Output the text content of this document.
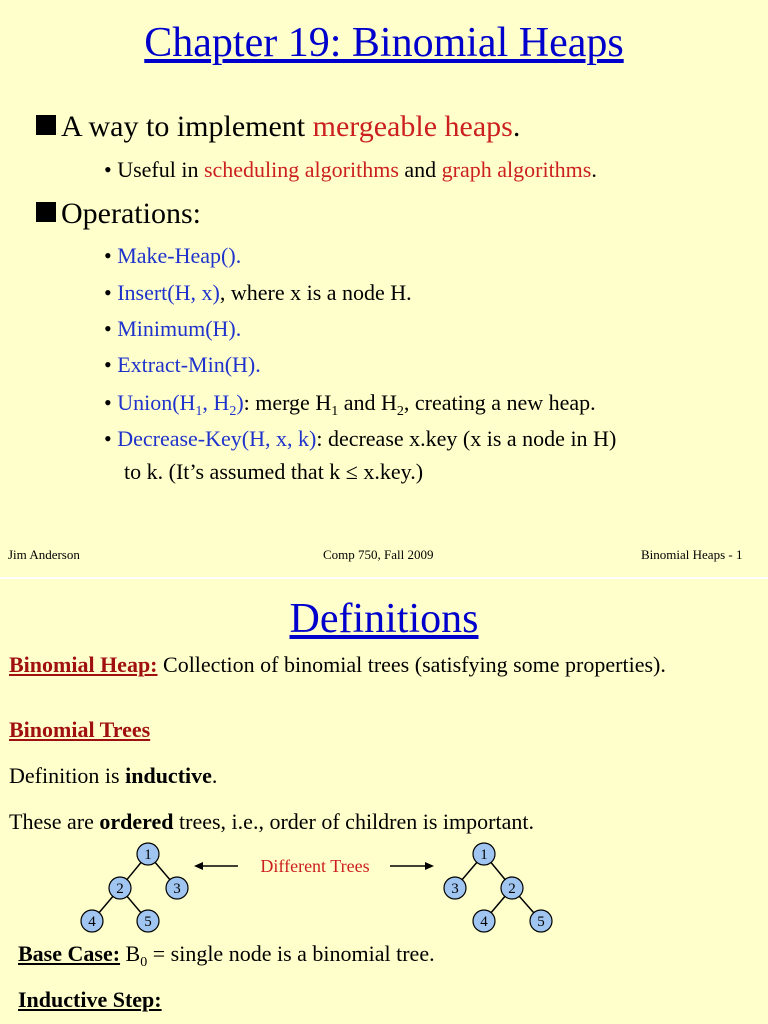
Chapter 19: Binomial Heaps
A way to implement mergeable heaps.
• Useful in scheduling algorithms and graph algorithms.
Operations:
• Make-Heap().
• Insert(H, x), where x is a node H.
• Minimum(H).
• Extract-Min(H).
• $Union(H_1$, $H_2$): merge $H_1$ and $H_2$, creating a new heap.
• Decrease-Key(H, x, k): decrease x.key (x is a node in H)
to k. (It’s assumed that k ≤ x.key.)
Jim Anderson	Comp 750, Fall 2009	Binomial Heaps - 1
Definitions
Binomial Heap: Collection of binomial trees (satisfying some properties).
Binomial Trees
Definition is inductive.
These are ordered trees, i.e., order of children is important.
Different Trees
1
2	3
4	5
1
3	2
4	5
Base Case: $B_0$ = single node is a binomial tree.
Inductive Step:
